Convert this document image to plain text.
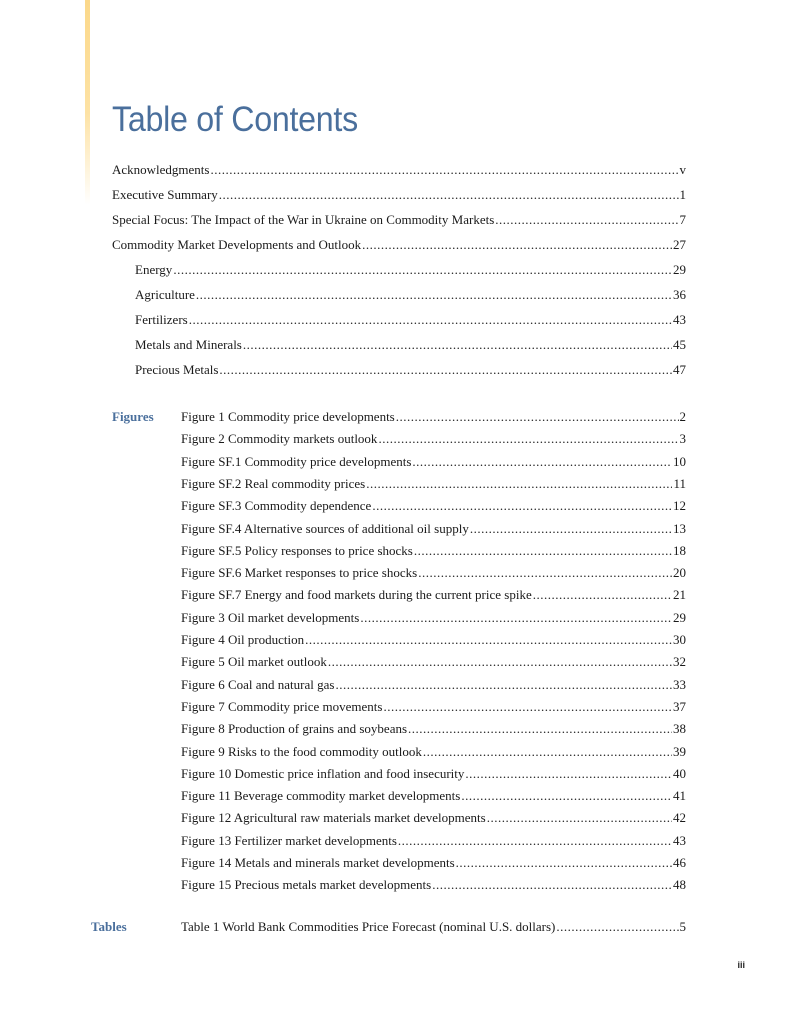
Table of Contents
Acknowledgments .....	v
Executive Summary .....	1
Special Focus: The Impact of the War in Ukraine on Commodity Markets .....	7
Commodity Market Developments and Outlook .....	27
Energy .....	29
Agriculture .....	36
Fertilizers .....	43
Metals and Minerals .....	45
Precious Metals .....	47
Figures Figure 1 Commodity price developments .....	2
Figure 2 Commodity markets outlook .....	3
Figure SF.1 Commodity price developments .....	10
Figure SF.2 Real commodity prices .....	11
Figure SF.3 Commodity dependence .....	12
Figure SF.4 Alternative sources of additional oil supply .....	13
Figure SF.5 Policy responses to price shocks .....	18
Figure SF.6 Market responses to price shocks .....	20
Figure SF.7 Energy and food markets during the current price spike .....	21
Figure 3 Oil market developments .....	29
Figure 4 Oil production .....	30
Figure 5 Oil market outlook .....	32
Figure 6 Coal and natural gas .....	33
Figure 7 Commodity price movements .....	37
Figure 8 Production of grains and soybeans .....	38
Figure 9 Risks to the food commodity outlook .....	39
Figure 10 Domestic price inflation and food insecurity .....	40
Figure 11 Beverage commodity market developments .....	41
Figure 12 Agricultural raw materials market developments .....	42
Figure 13 Fertilizer market developments .....	43
Figure 14 Metals and minerals market developments .....	46
Figure 15 Precious metals market developments .....	48
Tables	Table 1 World Bank Commodities Price Forecast (nominal U.S. dollars) .....	5
iii
